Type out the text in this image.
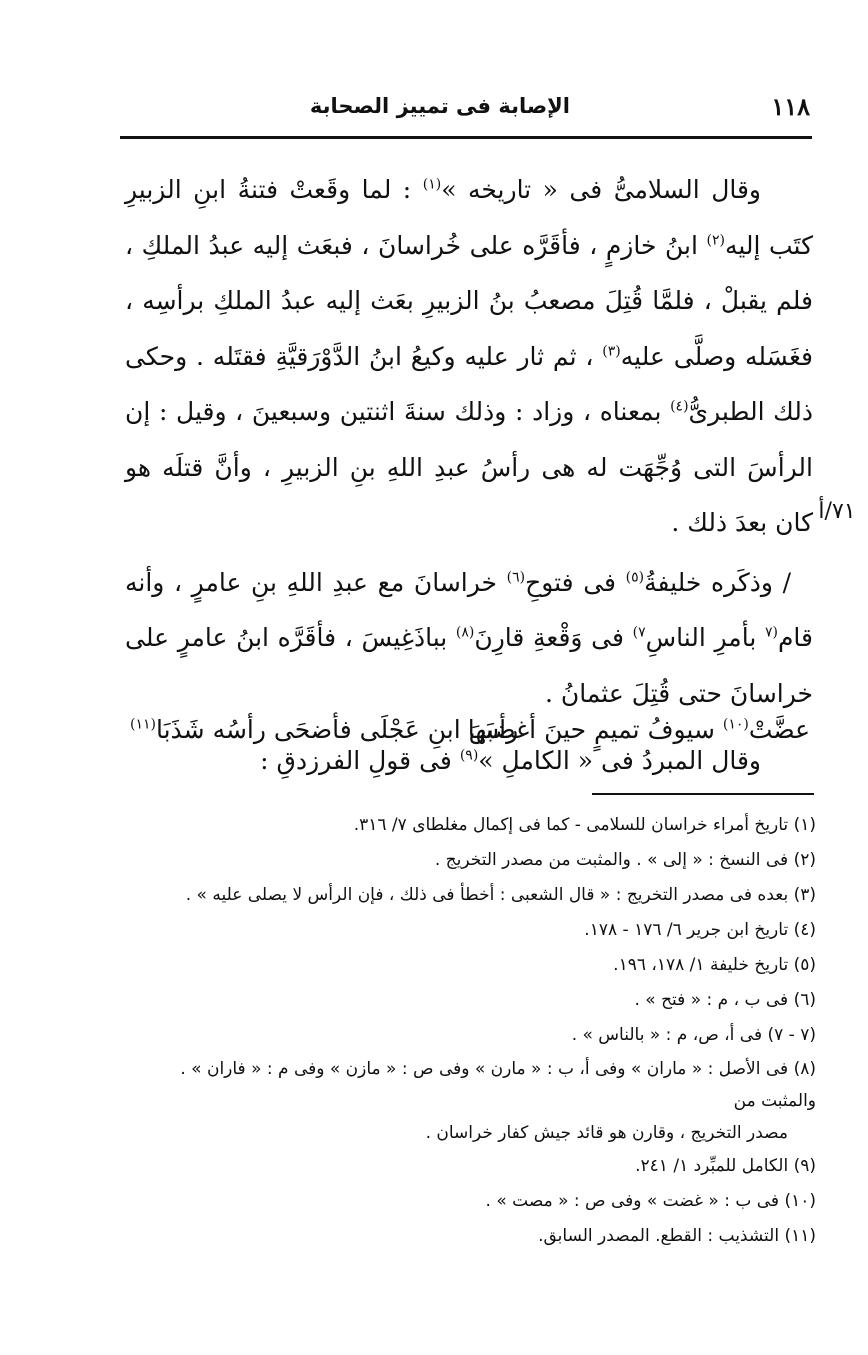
١١٨
الإصابة فى تمييز الصحابة
٧١/أ

وقال السلامىُّ فى « تاريخه »$^{(١)}$ : لما وقَعتْ فتنةُ ابنِ الزبيرِ كتَب إليه$^{(٢)}$ ابنُ خازمٍ ، فأقَرَّه على خُراسانَ ، فبعَث إليه عبدُ الملكِ ، فلم يقبلْ ، فلمَّا قُتِلَ مصعبُ بنُ الزبيرِ بعَث إليه عبدُ الملكِ برأسِه ، فغَسَله وصلَّى عليه$^{(٣)}$ ، ثم ثار عليه وكيعُ ابنُ الدَّوْرَقيَّةِ فقتَله . وحكى ذلك الطبرىُّ$^{(٤)}$ بمعناه ، وزاد : وذلك سنةَ اثنتين وسبعينَ ، وقيل : إن الرأسَ التى وُجِّهَت له هى رأسُ عبدِ اللهِ بنِ الزبيرِ ، وأنَّ قتلَه هو كان بعدَ ذلك .

/ وذكَره خليفةُ$^{(٥)}$ فى فتوحِ$^{(٦)}$ خراسانَ مع عبدِ اللهِ بنِ عامرٍ ، وأنه قام$^{(٧}$ بأمرِ الناسِ$^{٧)}$ فى وَقْعةِ قارِنَ$^{(٨)}$ بباذَغِيسَ ، فأقَرَّه ابنُ عامرٍ على خراسانَ حتى قُتِلَ عثمانُ .

وقال المبردُ فى « الكاملِ »$^{(٩)}$ فى قولِ الفرزدقِ :

عضَّتْ$^{(١٠)}$ سيوفُ تميمٍ حينَ أغضبَها
رأسَ ابنِ عَجْلَى فأضحَى رأسُه شَذَبَا$^{(١١)}$

(١) تاريخ أمراء خراسان للسلامى - كما فى إكمال مغلطاى ٧/ ٣١٦.

(٢) فى النسخ : « إلى » . والمثبت من مصدر التخريج .

(٣) بعده فى مصدر التخريج : « قال الشعبى : أخطأ فى ذلك ، فإن الرأس لا يصلى عليه » .

(٤) تاريخ ابن جرير ٦/ ١٧٦ - ١٧٨.

(٥) تاريخ خليفة ١/ ١٧٨، ١٩٦.

(٦) فى ب ، م : « فتح » .

(٧ - ٧) فى أ، ص، م : « بالناس » .

(٨) فى الأصل : « ماران » وفى أ، ب : « مارن » وفى ص : « مازن » وفى م : « فاران » . والمثبت من
مصدر التخريج ، وقارن هو قائد جيش كفار خراسان .

(٩) الكامل للمبِّرد ١/ ٢٤١.

(١٠) فى ب : « غضت » وفى ص : « مصت » .

(١١) التشذيب : القطع. المصدر السابق.
